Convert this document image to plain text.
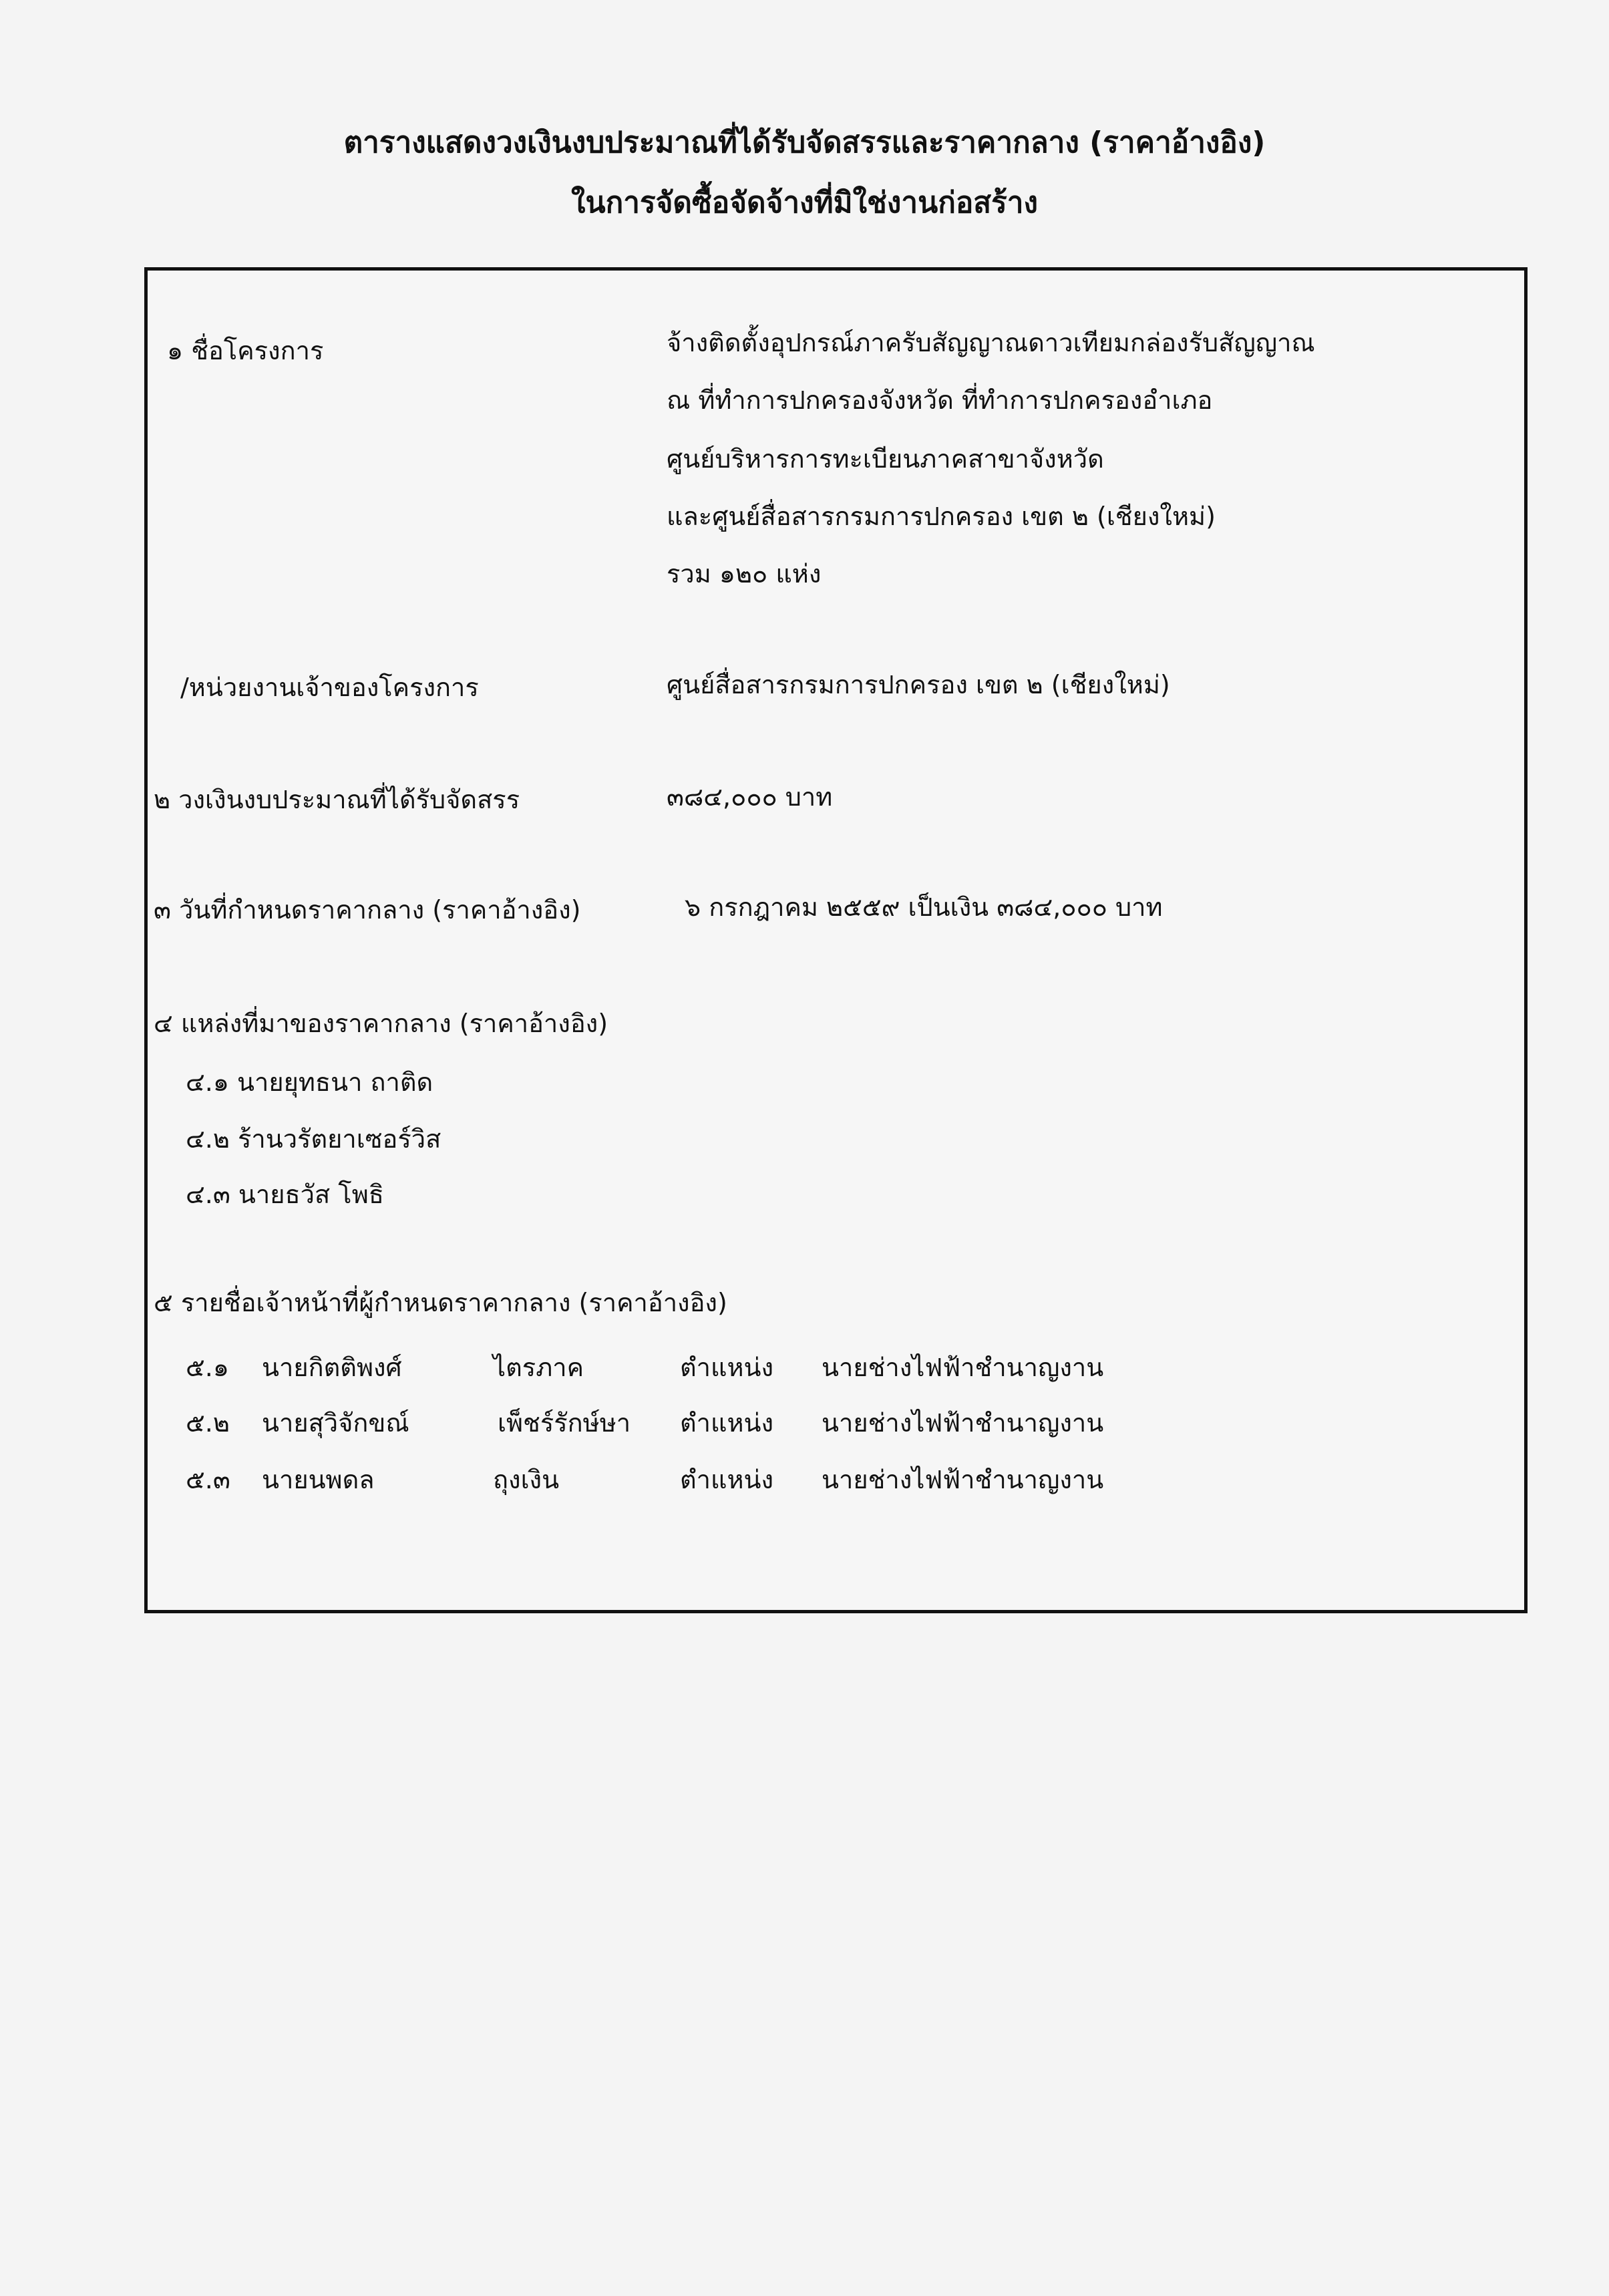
ตารางแสดงวงเงินงบประมาณที่ได้รับจัดสรรและราคากลาง (ราคาอ้างอิง)
ในการจัดซื้อจัดจ้างที่มิใช่งานก่อสร้าง
๑ ชื่อโครงการ	จ้างติดตั้งอุปกรณ์ภาครับสัญญาณดาวเทียมกล่องรับสัญญาณ
ณ ที่ทำการปกครองจังหวัด ที่ทำการปกครองอำเภอ
ศูนย์บริหารการทะเบียนภาคสาขาจังหวัด
และศูนย์สื่อสารกรมการปกครอง เขต ๒ (เชียงใหม่)
รวม ๑๒๐ แห่ง
/หน่วยงานเจ้าของโครงการ	ศูนย์สื่อสารกรมการปกครอง เขต ๒ (เชียงใหม่)
๒ วงเงินงบประมาณที่ได้รับจัดสรร	๓๘๔,๐๐๐ บาท
๓ วันที่กำหนดราคากลาง (ราคาอ้างอิง)	๖ กรกฎาคม ๒๕๕๙ เป็นเงิน ๓๘๔,๐๐๐ บาท
๔ แหล่งที่มาของราคากลาง (ราคาอ้างอิง)
๔.๑ นายยุทธนา ถาติด
๔.๒ ร้านวรัตยาเซอร์วิส
๔.๓ นายธวัส โพธิ
๕ รายชื่อเจ้าหน้าที่ผู้กำหนดราคากลาง (ราคาอ้างอิง)
๕.๑ นายกิตติพงศ์	ไตรภาค	ตำแหน่ง นายช่างไฟฟ้าชำนาญงาน
๕.๒ นายสุวิจักขณ์	เพ็ชร์รักษ์ษา ตำแหน่ง นายช่างไฟฟ้าชำนาญงาน
๕.๓ นายนพดล	ถุงเงิน	ตำแหน่ง นายช่างไฟฟ้าชำนาญงาน
